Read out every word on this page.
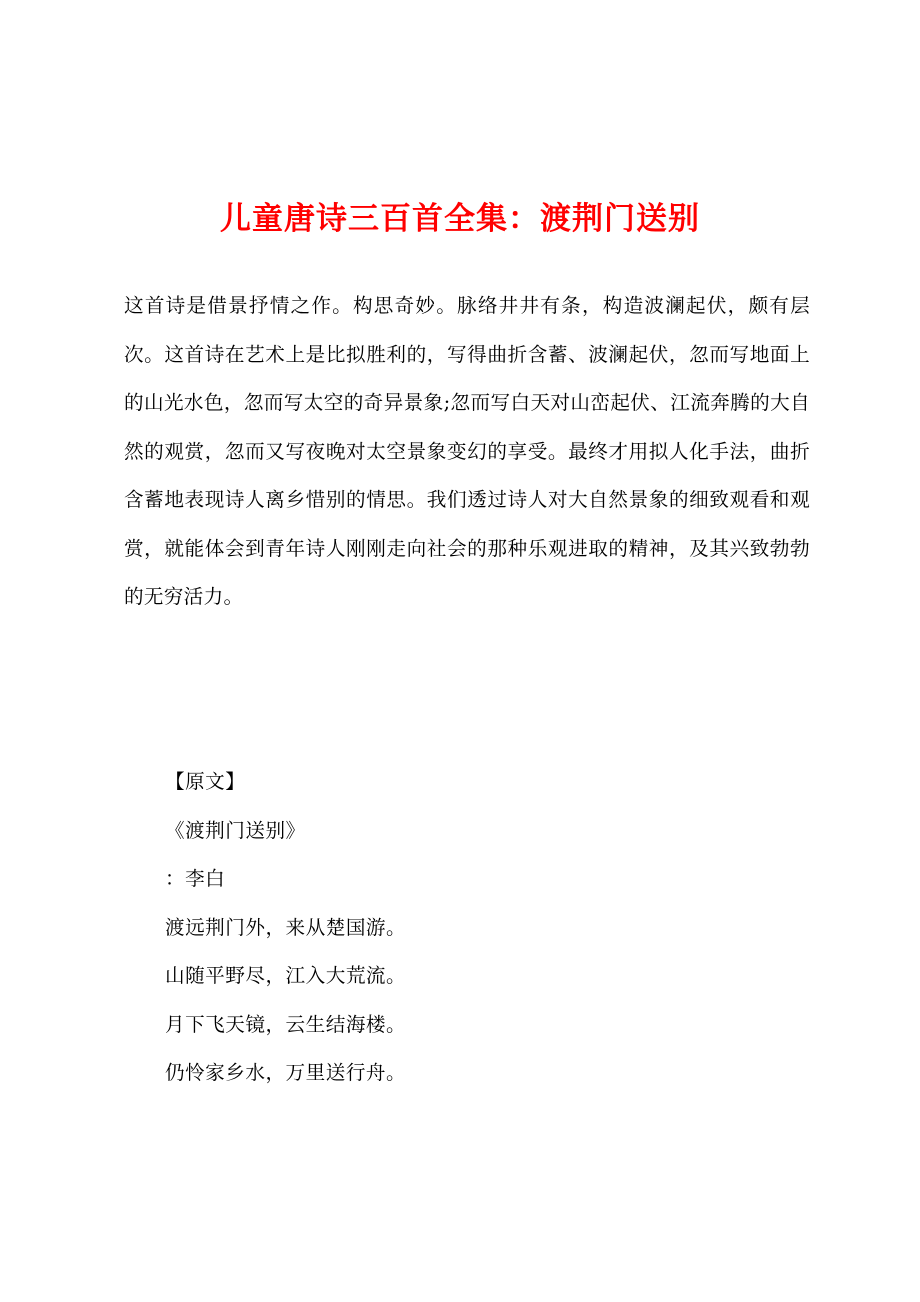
儿童唐诗三百首全集：渡荆门送别

这首诗是借景抒情之作。构思奇妙。脉络井井有条，构造波澜起伏，颇有层次。这首诗在艺术上是比拟胜利的，写得曲折含蓄、波澜起伏，忽而写地面上的山光水色，忽而写太空的奇异景象;忽而写白天对山峦起伏、江流奔腾的大自然的观赏，忽而又写夜晚对太空景象变幻的享受。最终才用拟人化手法，曲折含蓄地表现诗人离乡惜别的情思。我们透过诗人对大自然景象的细致观看和观赏，就能体会到青年诗人刚刚走向社会的那种乐观进取的精神，及其兴致勃勃的无穷活力。

【原文】
《渡荆门送别》
：李白
渡远荆门外，来从楚国游。
山随平野尽，江入大荒流。
月下飞天镜，云生结海楼。
仍怜家乡水，万里送行舟。
